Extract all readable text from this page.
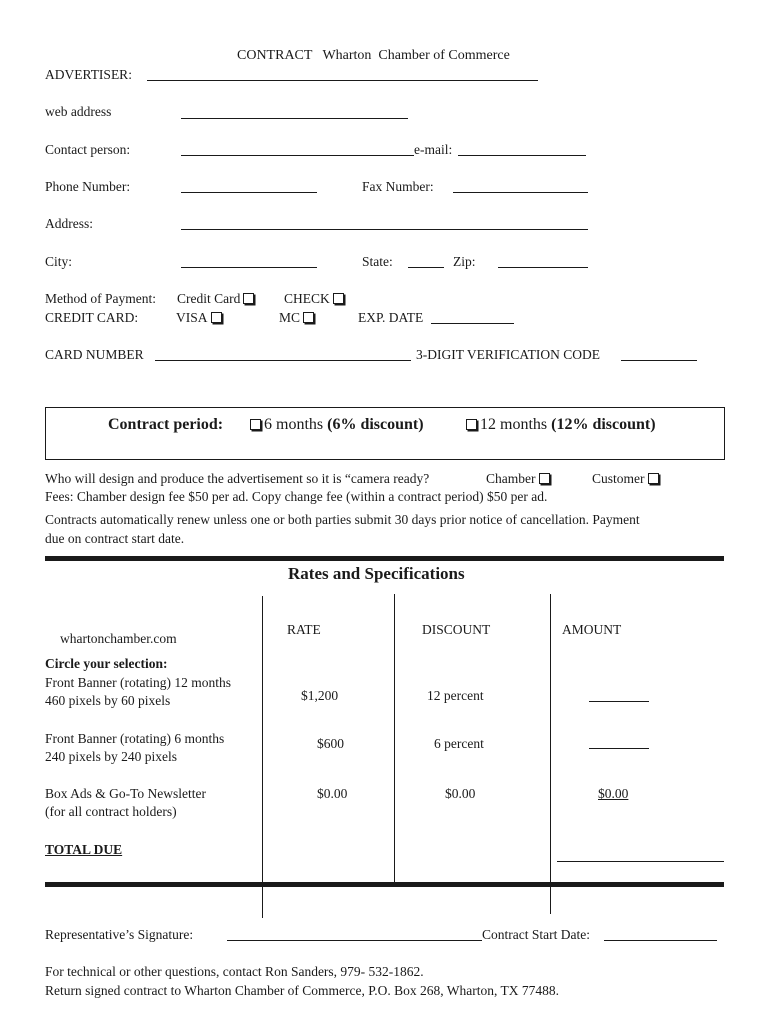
CONTRACT   Wharton  Chamber of Commerce
ADVERTISER:
web address
Contact person:	e-mail:
Phone Number:	Fax Number:
Address:
City:	State:	Zip:
Method of Payment: Credit Card	CHECK
CREDIT CARD:	VISA	MC	EXP. DATE
CARD NUMBER	3-DIGIT VERIFICATION CODE
Contract period:	6 months (6% discount)	12 months (12% discount)
Who will design and produce the advertisement so it is “camera ready?	Chamber	Customer
Fees: Chamber design fee $50 per ad. Copy change fee (within a contract period) $50 per ad.
Contracts automatically renew unless one or both parties submit 30 days prior notice of cancellation. Payment
due on contract start date.
Rates and Specifications
RATE	DISCOUNT	AMOUNT
whartonchamber.com
Circle your selection:
Front Banner (rotating) 12 months
460 pixels by 60 pixels	$1,200	12 percent
Front Banner (rotating) 6 months
240 pixels by 240 pixels
$600	6 percent
Box Ads & Go-To Newsletter
(for all contract holders)
$0.00	$0.00	$0.00
TOTAL DUE
Representative’s Signature:	Contract Start Date:
For technical or other questions, contact Ron Sanders, 979- 532-1862.
Return signed contract to Wharton Chamber of Commerce, P.O. Box 268, Wharton, TX 77488.
